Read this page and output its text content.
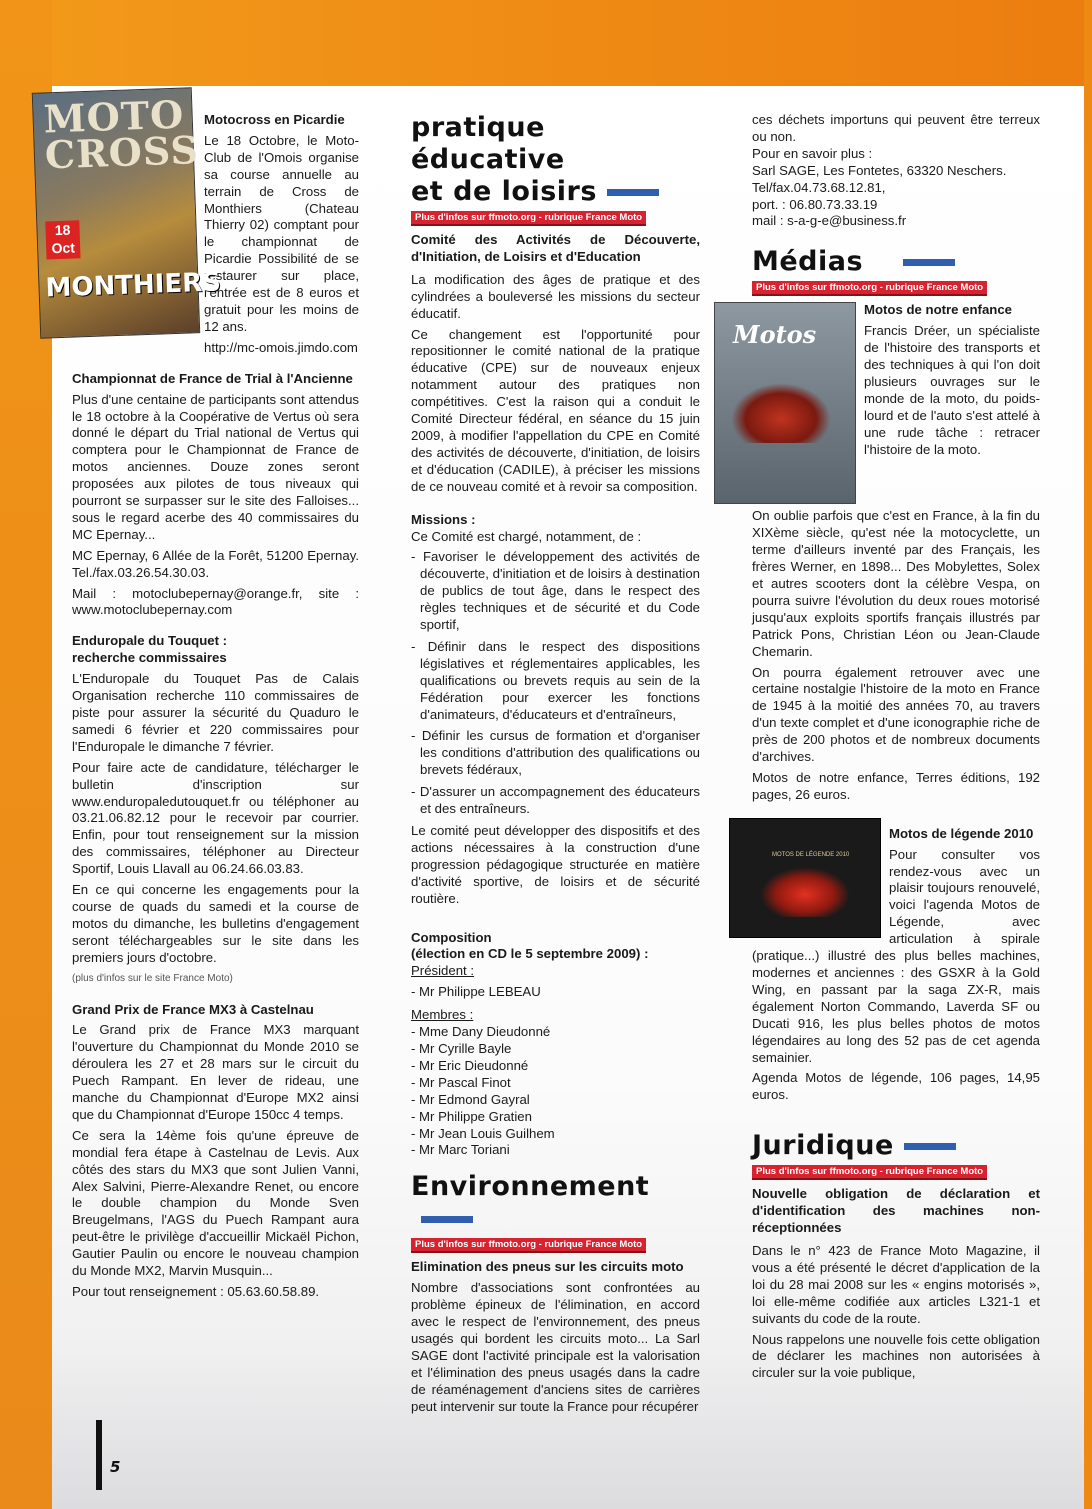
MOTO
CROSS
18
Oct
MONTHIERS

Motocross en Picardie

Le 18 Octobre, le Moto-Club de l'Omois organise sa course annuelle au terrain de Cross de Monthiers (Chateau Thierry 02) comptant pour le championnat de Picardie Possibilité de se restaurer sur place, l'entrée est de 8 euros et gratuit pour les moins de 12 ans.

http://mc-omois.jimdo.com

Championnat de France de Trial à l'Ancienne

Plus d'une centaine de participants sont attendus le 18 octobre à la Coopérative de Vertus où sera donné le départ du Trial national de Vertus qui comptera pour le Championnat de France de motos anciennes. Douze zones seront proposées aux pilotes de tous niveaux qui pourront se surpasser sur le site des Falloises... sous le regard acerbe des 40 commissaires du MC Epernay...

MC Epernay, 6 Allée de la Forêt, 51200 Epernay. Tel./fax.03.26.54.30.03.

Mail : motoclubepernay@orange.fr, site : www.motoclubepernay.com

Enduropale du Touquet :

recherche commissaires

L'Enduropale du Touquet Pas de Calais Organisation recherche 110 commissaires de piste pour assurer la sécurité du Quaduro le samedi 6 février et 220 commissaires pour l'Enduropale le dimanche 7 février.

Pour faire acte de candidature, télécharger le bulletin d'inscription sur www.enduropaledutouquet.fr ou téléphoner au 03.21.06.82.12 pour le recevoir par courrier. Enfin, pour tout renseignement sur la mission des commissaires, téléphoner au Directeur Sportif, Louis Llavall au 06.24.66.03.83.

En ce qui concerne les engagements pour la course de quads du samedi et la course de motos du dimanche, les bulletins d'engagement seront téléchargeables sur le site dans les premiers jours d'octobre.

(plus d'infos sur le site France Moto)

Grand Prix de France MX3 à Castelnau

Le Grand prix de France MX3 marquant l'ouverture du Championnat du Monde 2010 se déroulera les 27 et 28 mars sur le circuit du Puech Rampant. En lever de rideau, une manche du Championnat d'Europe MX2 ainsi que du Championnat d'Europe 150cc 4 temps.

Ce sera la 14ème fois qu'une épreuve de mondial fera étape à Castelnau de Levis. Aux côtés des stars du MX3 que sont Julien Vanni, Alex Salvini, Pierre-Alexandre Renet, ou encore le double champion du Monde Sven Breugelmans, l'AGS du Puech Rampant aura peut-être le privilège d'accueillir Mickaël Pichon, Gautier Paulin ou encore le nouveau champion du Monde MX2, Marvin Musquin...

Pour tout renseignement : 05.63.60.58.89.

pratique éducative
et de loisirs
Plus d'infos sur ffmoto.org - rubrique France Moto

Comité des Activités de Découverte, d'Initiation, de Loisirs et d'Education

La modification des âges de pratique et des cylindrées a bouleversé les missions du secteur éducatif.

Ce changement est l'opportunité pour repositionner le comité national de la pratique éducative (CPE) sur de nouveaux enjeux notamment autour des pratiques non compétitives. C'est la raison qui a conduit le Comité Directeur fédéral, en séance du 15 juin 2009, à modifier l'appellation du CPE en Comité des activités de découverte, d'initiation, de loisirs et d'éducation (CADILE), à préciser les missions de ce nouveau comité et à revoir sa composition.

Missions :

Ce Comité est chargé, notamment, de :

- Favoriser le développement des activités de découverte, d'initiation et de loisirs à destination de publics de tout âge, dans le respect des règles techniques et de sécurité et du Code sportif,
- Définir dans le respect des dispositions législatives et réglementaires applicables, les qualifications ou brevets requis au sein de la Fédération pour exercer les fonctions d'animateurs, d'éducateurs et d'entraîneurs,
- Définir les cursus de formation et d'organiser les conditions d'attribution des qualifications ou brevets fédéraux,
- D'assurer un accompagnement des éducateurs et des entraîneurs.

Le comité peut développer des dispositifs et des actions nécessaires à la construction d'une progression pédagogique structurée en matière d'activité sportive, de loisirs et de sécurité routière.

Composition

(élection en CD le 5 septembre 2009) :

Président :

- Mr Philippe LEBEAU

Membres :

- Mme Dany Dieudonné
- Mr Cyrille Bayle
- Mr Eric Dieudonné
- Mr Pascal Finot
- Mr Edmond Gayral
- Mr Philippe Gratien
- Mr Jean Louis Guilhem
- Mr Marc Toriani
Environnement
Plus d'infos sur ffmoto.org - rubrique France Moto

Elimination des pneus sur les circuits moto

Nombre d'associations sont confrontées au problème épineux de l'élimination, en accord avec le respect de l'environnement, des pneus usagés qui bordent les circuits moto... La Sarl SAGE dont l'activité principale est la valorisation et l'élimination des pneus usagés dans la cadre de réaménagement d'anciens sites de carrières peut intervenir sur toute la France pour récupérer

ces déchets importuns qui peuvent être terreux ou non.

Pour en savoir plus :

Sarl SAGE, Les Fontetes, 63320 Neschers.

Tel/fax.04.73.68.12.81,

port. : 06.80.73.33.19

mail : s-a-g-e@business.fr

Médias
Plus d'infos sur ffmoto.org - rubrique France Moto
Motos

Motos de notre enfance

Francis Dréer, un spécialiste de l'histoire des transports et des techniques à qui l'on doit plusieurs ouvrages sur le monde de la moto, du poids-lourd et de l'auto s'est attelé à une rude tâche : retracer l'histoire de la moto.

On oublie parfois que c'est en France, à la fin du XIXème siècle, qu'est née la motocyclette, un terme d'ailleurs inventé par des Français, les frères Werner, en 1898... Des Mobylettes, Solex et autres scooters dont la célèbre Vespa, on pourra suivre l'évolution du deux roues motorisé jusqu'aux exploits sportifs français illustrés par Patrick Pons, Christian Léon ou Jean-Claude Chemarin.

On pourra également retrouver avec une certaine nostalgie l'histoire de la moto en France de 1945 à la moitié des années 70, au travers d'un texte complet et d'une iconographie riche de près de 200 photos et de nombreux documents d'archives.

Motos de notre enfance, Terres éditions, 192 pages, 26 euros.

MOTOS DE LÉGENDE 2010

Motos de légende 2010

Pour consulter vos rendez-vous avec un plaisir toujours renouvelé, voici l'agenda Motos de Légende, avec articulation à spirale (pratique...) illustré des plus belles machines, modernes et anciennes : des GSXR à la Gold Wing, en passant par la saga ZX-R, mais également Norton Commando, Laverda SF ou Ducati 916, les plus belles photos de motos légendaires au long des 52 pas de cet agenda semainier.

Agenda Motos de légende, 106 pages, 14,95 euros.

Juridique
Plus d'infos sur ffmoto.org - rubrique France Moto

Nouvelle obligation de déclaration et d'identification des machines non-réceptionnées

Dans le n° 423 de France Moto Magazine, il vous a été présenté le décret d'application de la loi du 28 mai 2008 sur les « engins motorisés », loi elle-même codifiée aux articles L321-1 et suivants du code de la route.

Nous rappelons une nouvelle fois cette obligation de déclarer les machines non autorisées à circuler sur la voie publique,

5
